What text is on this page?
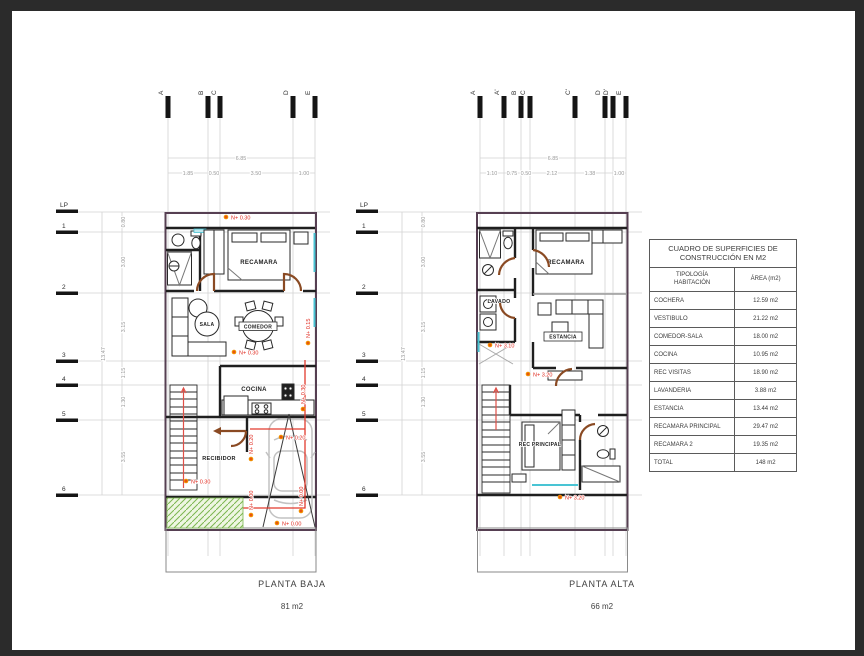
A	B C	D E	A	A' B C	C'	D D' E
LP
1
2
3
4
5
6
LP
1
2
3
4
5
6
6.85
1.85	0.50	3.50	1.00
6.85
1.10 0.75 0.50	2.12	1.38	1.00
0.80
3.00
3.15
1.15
1.30
3.55
13.47
0.80
3.00
3.15
1.15
1.30
3.55
13.47
RECAMARA
SALA	COMEDOR
COCINA
RECIBIDOR
N+ 0.30
N+ 0.30
N+ 0.15
N+ 0.30
N+ 0.20	N+ 0.20
N+ 0.30
N+ 0.00	N+ 0.00
N+ 0.00
PLANTA BAJA
81 m2
RECAMARA
LAVADO
ESTANCIA
REC PRINCIPAL
N+ 3.10
N+ 3.20
N+ 3.20
PLANTA ALTA
66 m2
CUADRO DE SUPERFICIES DE
CONSTRUCCIÓN EN M2	
TIPOLOGÍA
HABITACIÓN	ÁREA (m2)
COCHERA	12.59 m2
VESTIBULO	21.22 m2
COMEDOR-SALA	18.00 m2
COCINA	10.95 m2
REC VISITAS	18.90 m2
LAVANDERIA	3.88 m2
ESTANCIA	13.44 m2
RECAMARA PRINCIPAL	29.47 m2
RECAMARA 2	19.35 m2
TOTAL	148 m2
